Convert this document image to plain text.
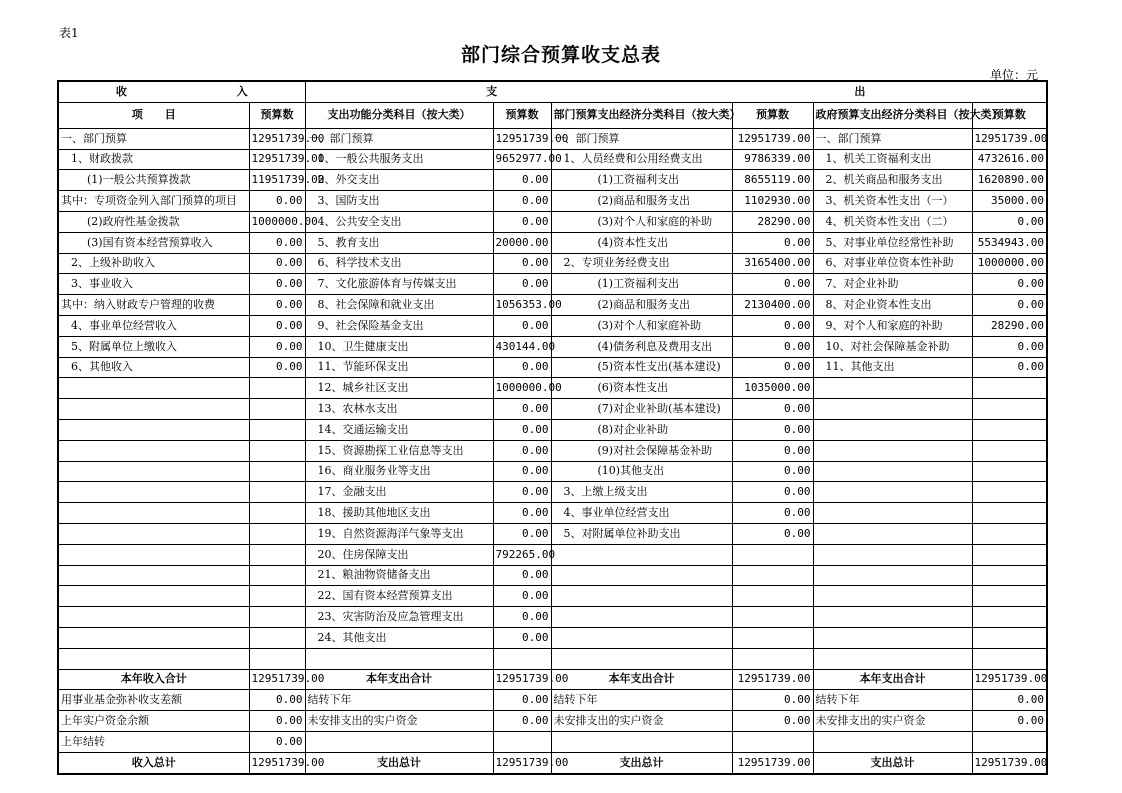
表1
部门综合预算收支总表
单位：元
收 入		支 出					

项　　目	预算数	支出功能分类科目（按大类）	预算数	部门预算支出经济分类科目（按大类）	预算数	政府预算支出经济分类科目（按大类）	预算数
一、部门预算	12951739.00	一、部门预算	12951739.00	一、部门预算	12951739.00	一、部门预算	12951739.00
1、财政拨款	12951739.00	1、一般公共服务支出	9652977.00	1、人员经费和公用经费支出	9786339.00	1、机关工资福利支出	4732616.00
(1)一般公共预算拨款	11951739.00	2、外交支出	0.00	(1)工资福利支出	8655119.00	2、机关商品和服务支出	1620890.00
其中：专项资金列入部门预算的项目	0.00	3、国防支出	0.00	(2)商品和服务支出	1102930.00	3、机关资本性支出（一）	35000.00
(2)政府性基金拨款	1000000.00	4、公共安全支出	0.00	(3)对个人和家庭的补助	28290.00	4、机关资本性支出（二）	0.00
(3)国有资本经营预算收入	0.00	5、教育支出	20000.00	(4)资本性支出	0.00	5、对事业单位经常性补助	5534943.00
2、上级补助收入	0.00	6、科学技术支出	0.00	2、专项业务经费支出	3165400.00	6、对事业单位资本性补助	1000000.00
3、事业收入	0.00	7、文化旅游体育与传媒支出	0.00	(1)工资福利支出	0.00	7、对企业补助	0.00
其中：纳入财政专户管理的收费	0.00	8、社会保障和就业支出	1056353.00	(2)商品和服务支出	2130400.00	8、对企业资本性支出	0.00
4、事业单位经营收入	0.00	9、社会保险基金支出	0.00	(3)对个人和家庭补助	0.00	9、对个人和家庭的补助	28290.00
5、附属单位上缴收入	0.00	10、卫生健康支出	430144.00	(4)债务利息及费用支出	0.00	10、对社会保障基金补助	0.00
6、其他收入	0.00	11、节能环保支出	0.00	(5)资本性支出(基本建设)	0.00	11、其他支出	0.00
		12、城乡社区支出	1000000.00	(6)资本性支出	1035000.00		
		13、农林水支出	0.00	(7)对企业补助(基本建设)	0.00		
		14、交通运输支出	0.00	(8)对企业补助	0.00		
		15、资源勘探工业信息等支出	0.00	(9)对社会保障基金补助	0.00		
		16、商业服务业等支出	0.00	(10)其他支出	0.00		
		17、金融支出	0.00	3、上缴上级支出	0.00		
		18、援助其他地区支出	0.00	4、事业单位经营支出	0.00		
		19、自然资源海洋气象等支出	0.00	5、对附属单位补助支出	0.00		
		20、住房保障支出	792265.00				
		21、粮油物资储备支出	0.00				
		22、国有资本经营预算支出	0.00				
		23、灾害防治及应急管理支出	0.00				
		24、其他支出	0.00				

本年收入合计	12951739.00	本年支出合计	12951739.00	本年支出合计	12951739.00	本年支出合计	12951739.00
用事业基金弥补收支差额	0.00	结转下年	0.00	结转下年	0.00	结转下年	0.00
上年实户资金余额	0.00	未安排支出的实户资金	0.00	未安排支出的实户资金	0.00	未安排支出的实户资金	0.00
上年结转	0.00						
收入总计	12951739.00	支出总计	12951739.00	支出总计	12951739.00	支出总计	12951739.00
